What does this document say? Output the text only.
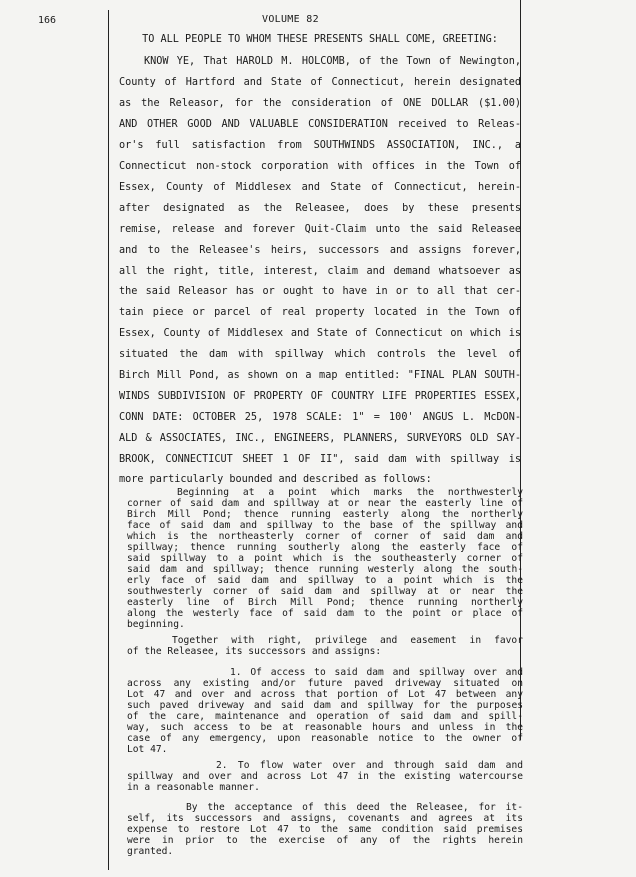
166	VOLUME 82
TO ALL PEOPLE TO WHOM THESE PRESENTS SHALL COME, GREETING:
KNOW YE, That HAROLD M. HOLCOMB, of the Town of Newington,
County of Hartford and State of Connecticut, herein designated
as the Releasor, for the consideration of ONE DOLLAR ($1.00)
AND OTHER GOOD AND VALUABLE CONSIDERATION received to Releas-
or's full satisfaction from SOUTHWINDS ASSOCIATION, INC., a
Connecticut non-stock corporation with offices in the Town of
Essex, County of Middlesex and State of Connecticut, herein-
after designated as the Releasee, does by these presents
remise, release and forever Quit-Claim unto the said Releasee
and to the Releasee's heirs, successors and assigns forever,
all the right, title, interest, claim and demand whatsoever as
the said Releasor has or ought to have in or to all that cer-
tain piece or parcel of real property located in the Town of
Essex, County of Middlesex and State of Connecticut on which is
situated the dam with spillway which controls the level of
Birch Mill Pond, as shown on a map entitled: "FINAL PLAN SOUTH-
WINDS SUBDIVISION OF PROPERTY OF COUNTRY LIFE PROPERTIES ESSEX,
CONN DATE: OCTOBER 25, 1978 SCALE: 1" = 100' ANGUS L. McDON-
ALD & ASSOCIATES, INC., ENGINEERS, PLANNERS, SURVEYORS OLD SAY-
BROOK, CONNECTICUT SHEET 1 OF II", said dam with spillway is
more particularly bounded and described as follows:
Beginning at a point which marks the northwesterly
corner of said dam and spillway at or near the easterly line of
Birch Mill Pond; thence running easterly along the northerly
face of said dam and spillway to the base of the spillway and
which is the northeasterly corner of corner of said dam and
spillway; thence running southerly along the easterly face of
said spillway to a point which is the southeasterly corner of
said dam and spillway; thence running westerly along the south-
erly face of said dam and spillway to a point which is the
southwesterly corner of said dam and spillway at or near the
easterly line of Birch Mill Pond; thence running northerly
along the westerly face of said dam to the point or place of
beginning.
Together with right, privilege and easement in favor
of the Releasee, its successors and assigns:
1. Of access to said dam and spillway over and
across any existing and/or future paved driveway situated on
Lot 47 and over and across that portion of Lot 47 between any
such paved driveway and said dam and spillway for the purposes
of the care, maintenance and operation of said dam and spill-
way, such access to be at reasonable hours and unless in the
case of any emergency, upon reasonable notice to the owner of
Lot 47.
2. To flow water over and through said dam and
spillway and over and across Lot 47 in the existing watercourse
in a reasonable manner.
By the acceptance of this deed the Releasee, for it-
self, its successors and assigns, covenants and agrees at its
expense to restore Lot 47 to the same condition said premises
were in prior to the exercise of any of the rights herein
granted.
